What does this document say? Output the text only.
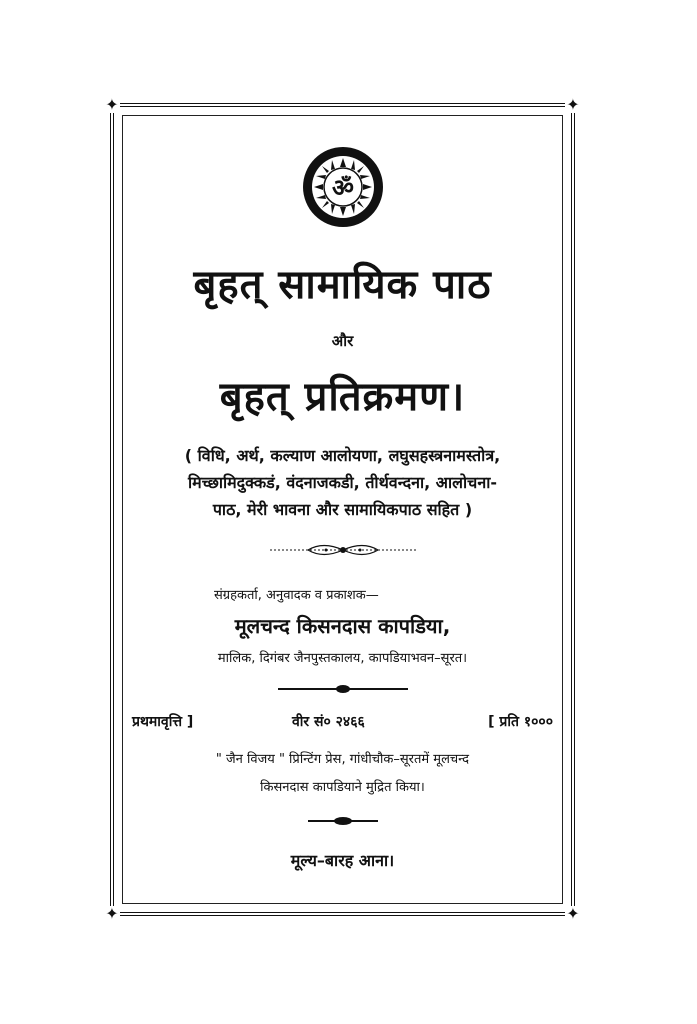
✦	✦
✦	✦
ॐ
बृहत् सामायिक पाठ
और
बृहत् प्रतिक्रमण।
( विधि, अर्थ, कल्याण आलोयणा, लघुसहस्त्रनामस्तोत्र,
मिच्छामिदुक्कडं, वंदनाजकडी, तीर्थवन्दना, आलोचना-
पाठ, मेरी भावना और सामायिकपाठ सहित )
संग्रहकर्ता, अनुवादक व प्रकाशक—
मूलचन्द किसनदास कापडिया,
मालिक, दिगंबर जैनपुस्तकालय, कापडियाभवन–सूरत।
प्रथमावृत्ति ]	वीर सं० २४६६	[ प्रति १०००
" जैन विजय " प्रिन्टिंग प्रेस, गांधीचौक–सूरतमें मूलचन्द
किसनदास कापडियाने मुद्रित किया।
मूल्य–बारह आना।
